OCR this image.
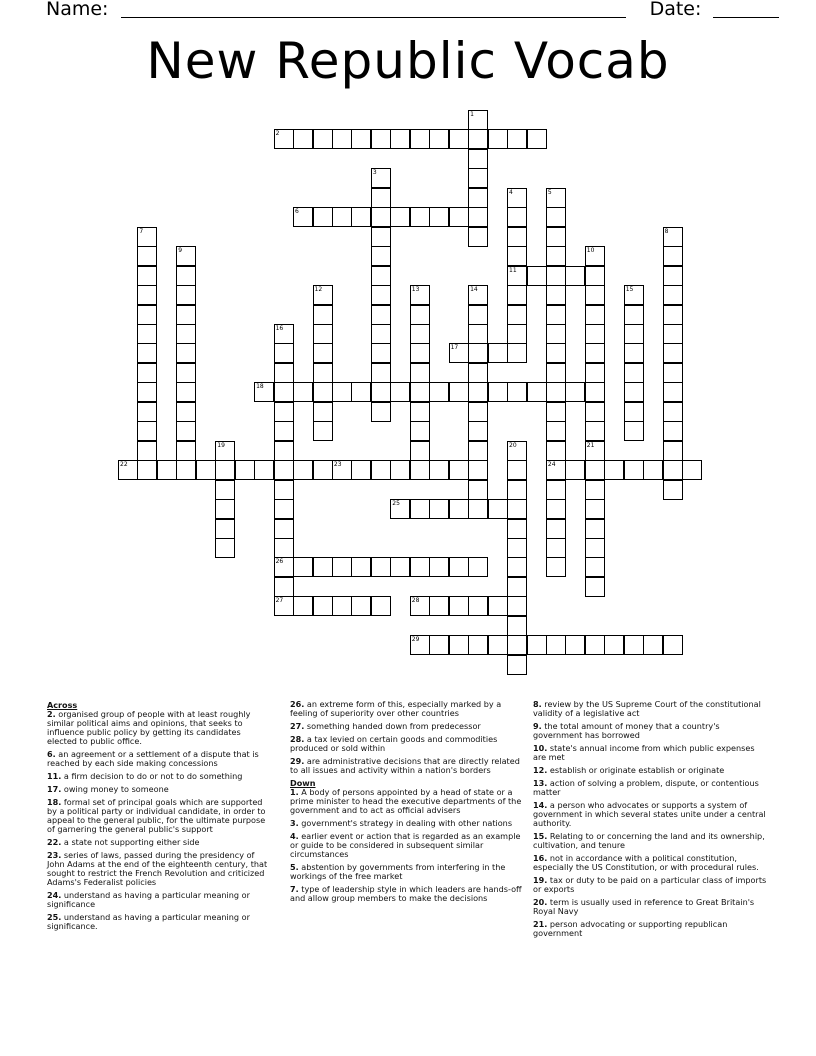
Name:	Date:
New Republic Vocab
1
2
3
4
11
5
24
6
7	8
9	10
21
12	13	14	15
16
26
27
17
18
19	20
22	23
25
28
29
Across
2. organised group of people with at least roughly similar political aims and opinions, that seeks to influence public policy by getting its candidates elected to public office.
6. an agreement or a settlement of a dispute that is reached by each side making concessions
11. a firm decision to do or not to do something
17. owing money to someone
18. formal set of principal goals which are supported by a political party or individual candidate, in order to appeal to the general public, for the ultimate purpose of garnering the general public's support
22. a state not supporting either side
23. series of laws, passed during the presidency of John Adams at the end of the eighteenth century, that sought to restrict the French Revolution and criticized Adams's Federalist policies
24. understand as having a particular meaning or significance
25. understand as having a particular meaning or significance.
26. an extreme form of this, especially marked by a feeling of superiority over other countries
27. something handed down from predecessor
28. a tax levied on certain goods and commodities produced or sold within
29. are administrative decisions that are directly related to all issues and activity within a nation's borders
Down
1. A body of persons appointed by a head of state or a prime minister to head the executive departments of the government and to act as official advisers
3. government's strategy in dealing with other nations
4. earlier event or action that is regarded as an example or guide to be considered in subsequent similar circumstances
5. abstention by governments from interfering in the workings of the free market
7. type of leadership style in which leaders are hands-off and allow group members to make the decisions
8. review by the US Supreme Court of the constitutional validity of a legislative act
9. the total amount of money that a country's government has borrowed
10. state's annual income from which public expenses are met
12. establish or originate establish or originate
13. action of solving a problem, dispute, or contentious matter
14. a person who advocates or supports a system of government in which several states unite under a central authority.
15. Relating to or concerning the land and its ownership, cultivation, and tenure
16. not in accordance with a political constitution, especially the US Constitution, or with procedural rules.
19. tax or duty to be paid on a particular class of imports or exports
20. term is usually used in reference to Great Britain's Royal Navy
21. person advocating or supporting republican government
